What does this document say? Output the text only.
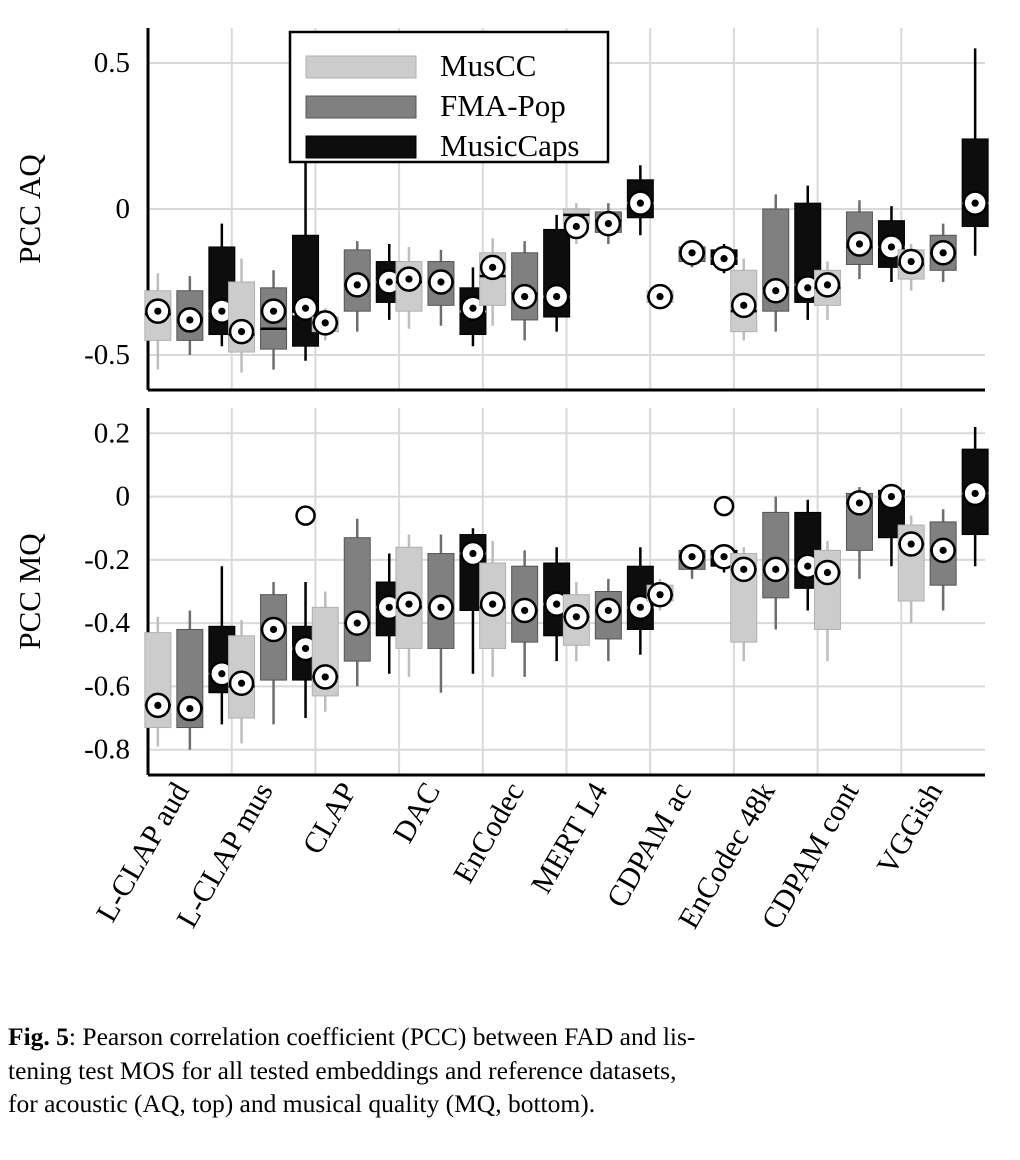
-0.5
0
0.5
PCC AQ
-0.8
-0.6
-0.4
-0.2
0
0.2
PCC MQ
L-CLAP aud
L-CLAP mus CLAP DAC EnCodec
MERT L4
CDPAM ac
EnCodec 48k
CDPAM cont VGGish
MusCC
FMA-Pop
MusicCaps
Fig. 5: Pearson correlation coefficient (PCC) between FAD and lis-
tening test MOS for all tested embeddings and reference datasets,
for acoustic (AQ, top) and musical quality (MQ, bottom).
